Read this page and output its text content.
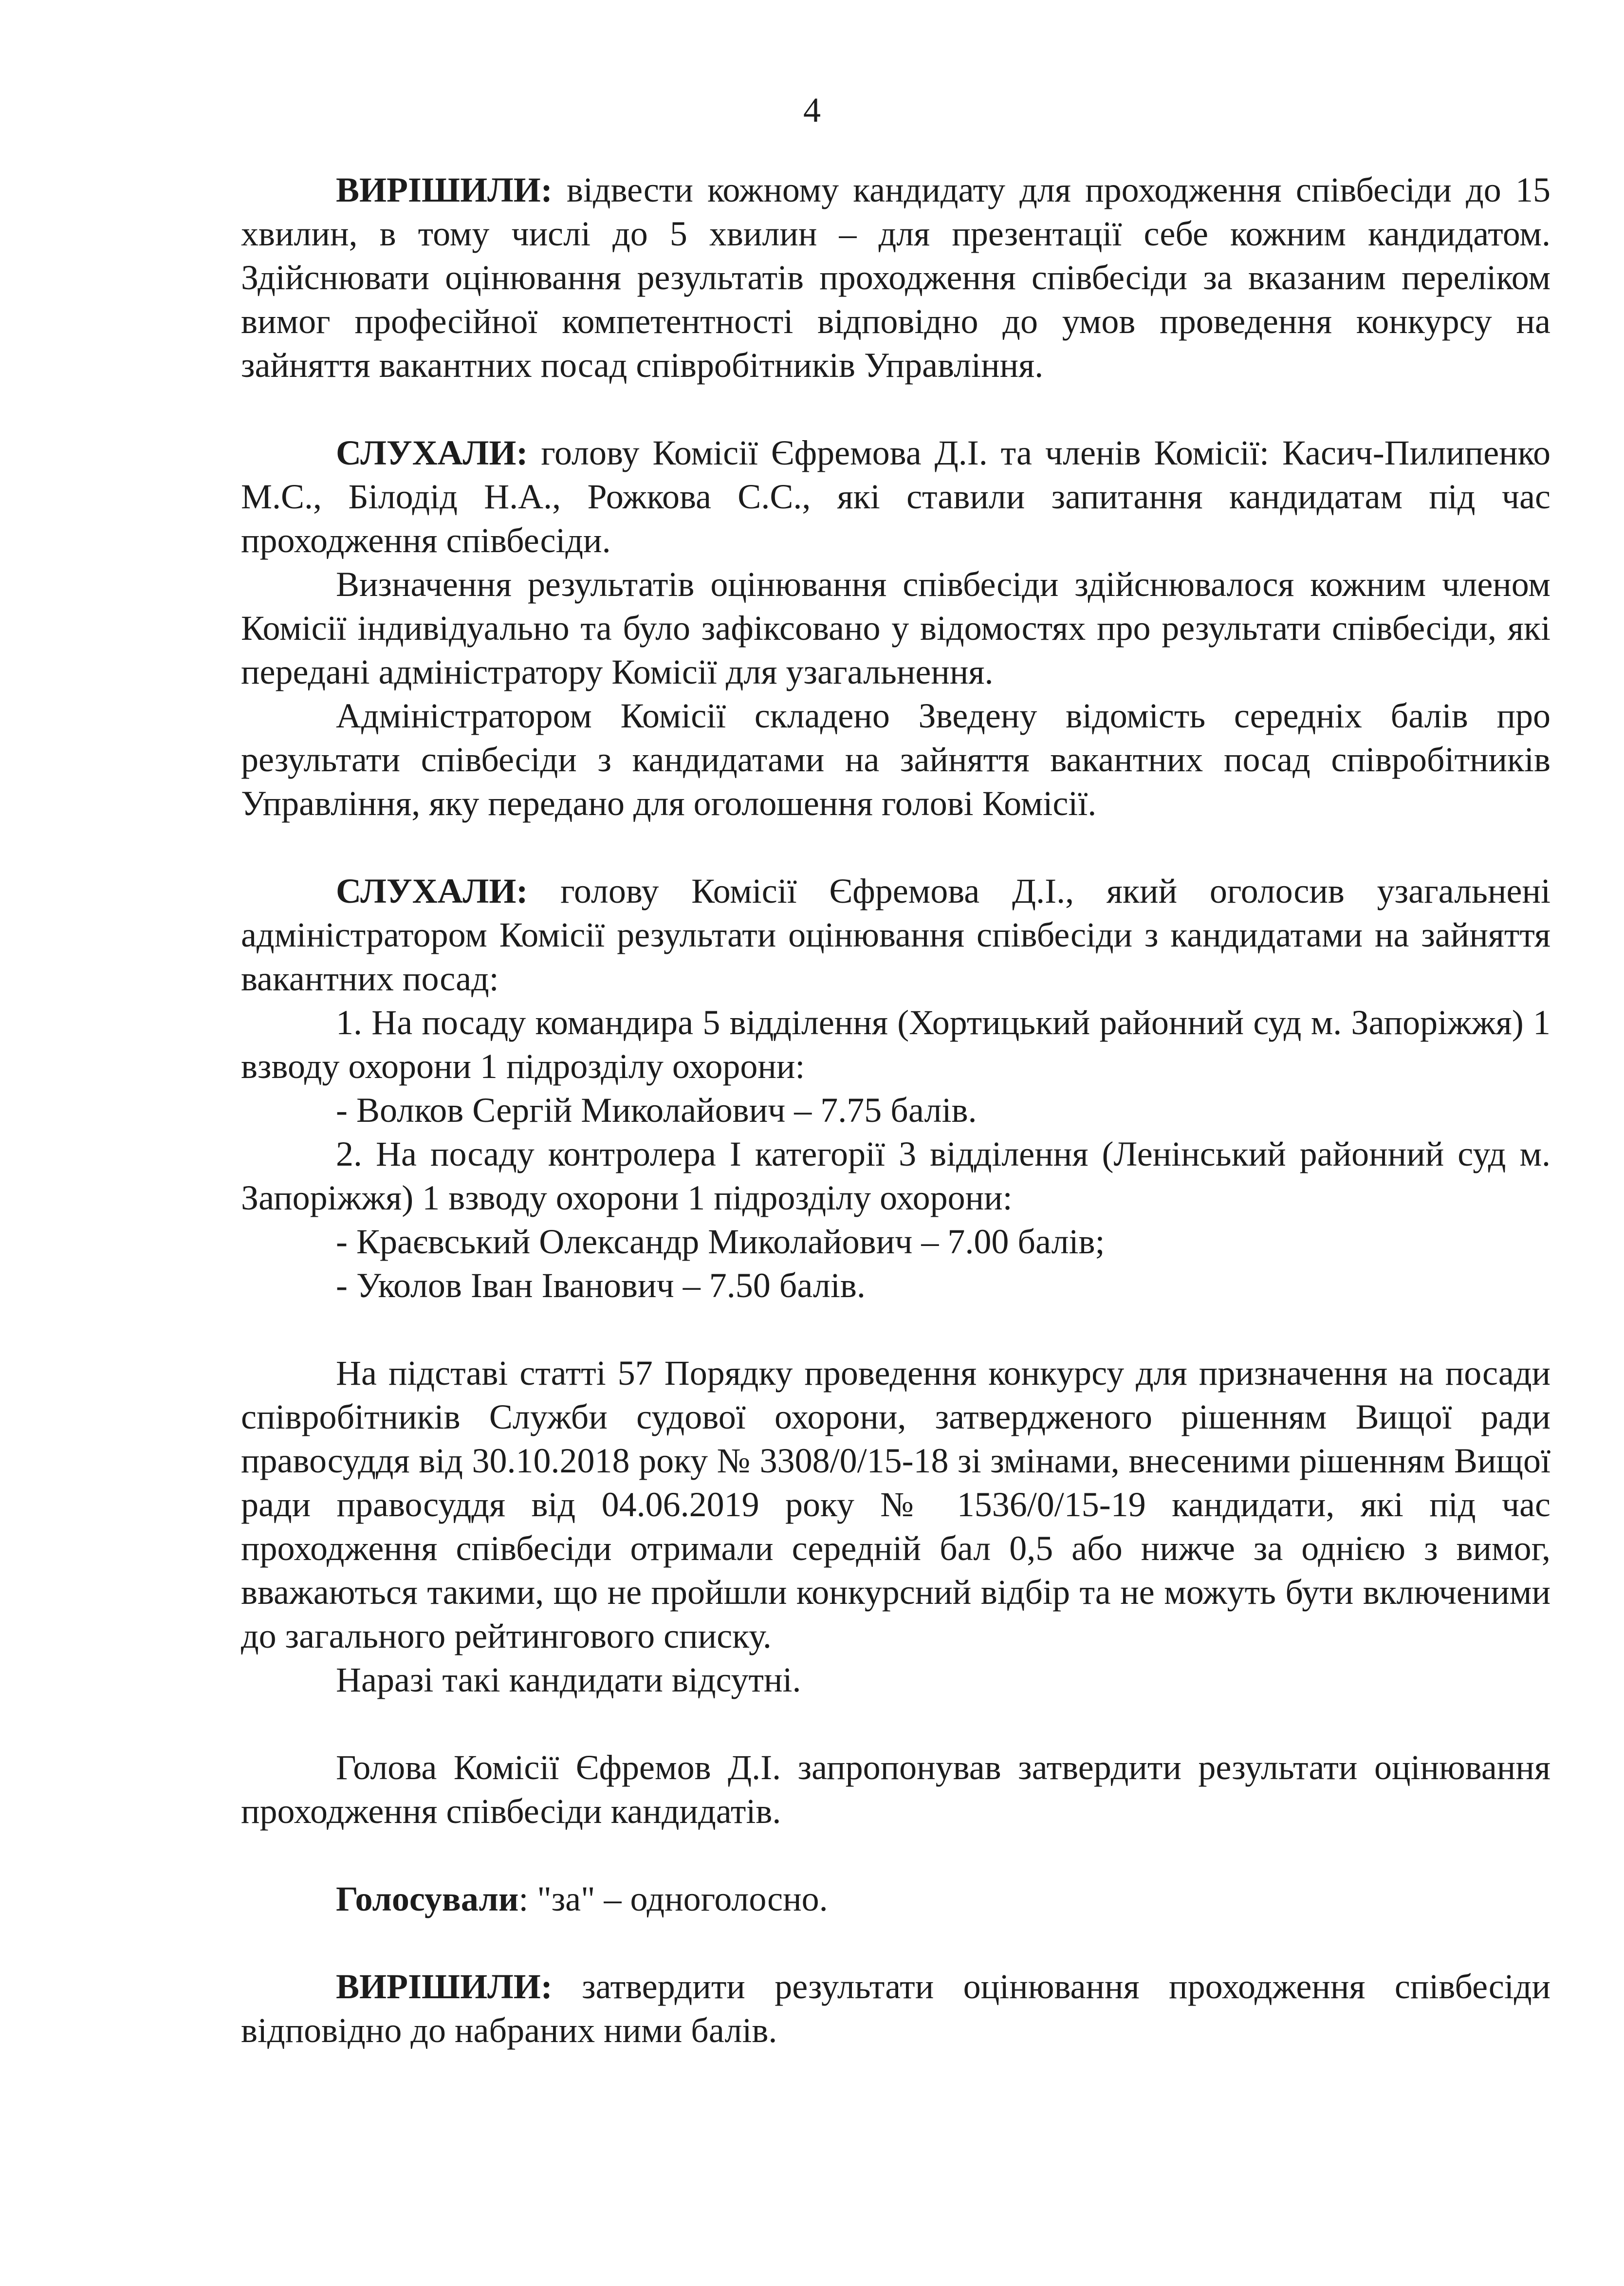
4

ВИРІШИЛИ: відвести кожному кандидату для проходження співбесіди до 15 хвилин, в тому числі до 5 хвилин – для презентації себе кожним кандидатом. Здійснювати оцінювання результатів проходження співбесіди за вказаним переліком вимог професійної компетентності відповідно до умов проведення конкурсу на зайняття вакантних посад співробітників Управління.

СЛУХАЛИ: голову Комісії Єфремова Д.І. та членів Комісії: Касич-Пилипенко М.С., Білодід Н.А., Рожкова С.С., які ставили запитання кандидатам під час проходження співбесіди.

Визначення результатів оцінювання співбесіди здійснювалося кожним членом Комісії індивідуально та було зафіксовано у відомостях про результати співбесіди, які передані адміністратору Комісії для узагальнення.

Адміністратором Комісії складено Зведену відомість середніх балів про результати співбесіди з кандидатами на зайняття вакантних посад співробітників Управління, яку передано для оголошення голові Комісії.

СЛУХАЛИ: голову Комісії Єфремова Д.І., який оголосив узагальнені адміністратором Комісії результати оцінювання співбесіди з кандидатами на зайняття вакантних посад:

1. На посаду командира 5 відділення (Хортицький районний суд м. Запоріжжя) 1 взводу охорони 1 підрозділу охорони:

- Волков Сергій Миколайович – 7.75 балів.

2. На посаду контролера І категорії 3 відділення (Ленінський районний суд м. Запоріжжя) 1 взводу охорони 1 підрозділу охорони:

- Краєвський Олександр Миколайович – 7.00 балів;

- Уколов Іван Іванович – 7.50 балів.

На підставі статті 57 Порядку проведення конкурсу для призначення на посади співробітників Служби судової охорони, затвердженого рішенням Вищої ради правосуддя від 30.10.2018 року № 3308/0/15-18 зі змінами, внесеними рішенням Вищої ради правосуддя від 04.06.2019 року № 1536/0/15-19 кандидати, які під час проходження співбесіди отримали середній бал 0,5 або нижче за однією з вимог, вважаються такими, що не пройшли конкурсний відбір та не можуть бути включеними до загального рейтингового списку.

Наразі такі кандидати відсутні.

Голова Комісії Єфремов Д.І. запропонував затвердити результати оцінювання проходження співбесіди кандидатів.

Голосували: "за" – одноголосно.

ВИРІШИЛИ: затвердити результати оцінювання проходження співбесіди відповідно до набраних ними балів.
